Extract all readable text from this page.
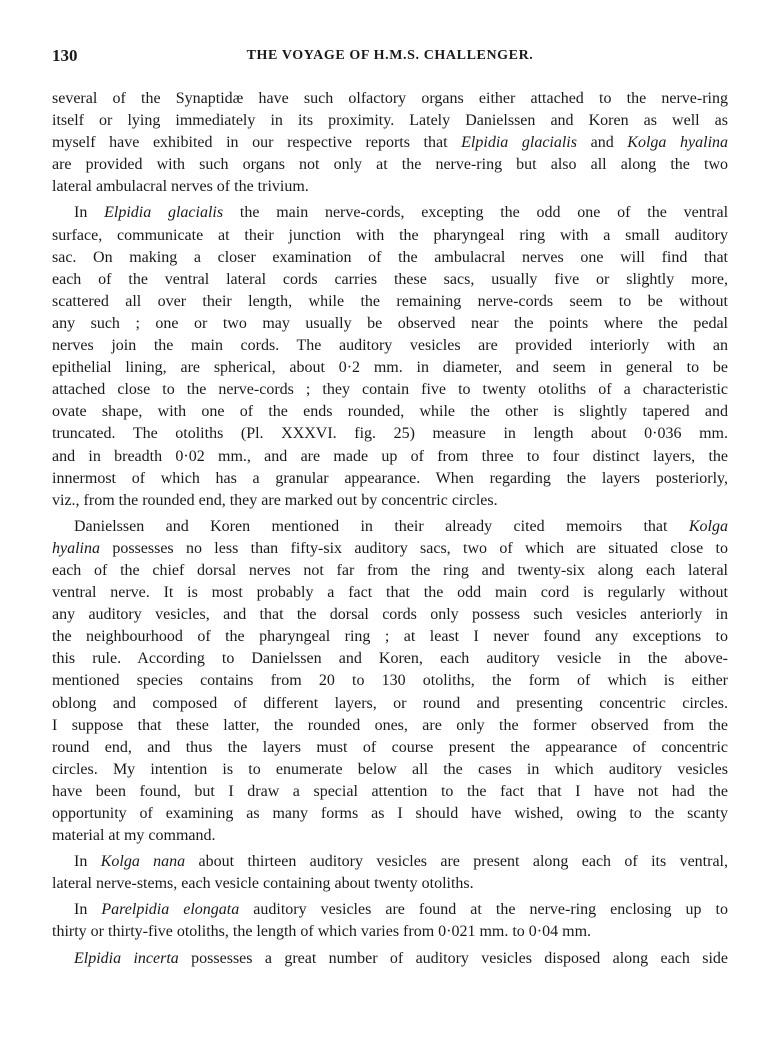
130	THE VOYAGE OF H.M.S. CHALLENGER.
several of the Synaptidæ have such olfactory organs either attached to the nerve-ring
itself or lying immediately in its proximity. Lately Danielssen and Koren as well as
myself have exhibited in our respective reports that Elpidia glacialis and Kolga hyalina
are provided with such organs not only at the nerve-ring but also all along the two
lateral ambulacral nerves of the trivium.
In Elpidia glacialis the main nerve-cords, excepting the odd one of the ventral
surface, communicate at their junction with the pharyngeal ring with a small auditory
sac. On making a closer examination of the ambulacral nerves one will find that
each of the ventral lateral cords carries these sacs, usually five or slightly more,
scattered all over their length, while the remaining nerve-cords seem to be without
any such ; one or two may usually be observed near the points where the pedal
nerves join the main cords. The auditory vesicles are provided interiorly with an
epithelial lining, are spherical, about 0·2 mm. in diameter, and seem in general to be
attached close to the nerve-cords ; they contain five to twenty otoliths of a characteristic
ovate shape, with one of the ends rounded, while the other is slightly tapered and
truncated. The otoliths (Pl. XXXVI. fig. 25) measure in length about 0·036 mm.
and in breadth 0·02 mm., and are made up of from three to four distinct layers, the
innermost of which has a granular appearance. When regarding the layers posteriorly,
viz., from the rounded end, they are marked out by concentric circles.
Danielssen and Koren mentioned in their already cited memoirs that Kolga
hyalina possesses no less than fifty-six auditory sacs, two of which are situated close to
each of the chief dorsal nerves not far from the ring and twenty-six along each lateral
ventral nerve. It is most probably a fact that the odd main cord is regularly without
any auditory vesicles, and that the dorsal cords only possess such vesicles anteriorly in
the neighbourhood of the pharyngeal ring ; at least I never found any exceptions to
this rule. According to Danielssen and Koren, each auditory vesicle in the above-
mentioned species contains from 20 to 130 otoliths, the form of which is either
oblong and composed of different layers, or round and presenting concentric circles.
I suppose that these latter, the rounded ones, are only the former observed from the
round end, and thus the layers must of course present the appearance of concentric
circles. My intention is to enumerate below all the cases in which auditory vesicles
have been found, but I draw a special attention to the fact that I have not had the
opportunity of examining as many forms as I should have wished, owing to the scanty
material at my command.
In Kolga nana about thirteen auditory vesicles are present along each of its ventral,
lateral nerve-stems, each vesicle containing about twenty otoliths.
In Parelpidia elongata auditory vesicles are found at the nerve-ring enclosing up to
thirty or thirty-five otoliths, the length of which varies from 0·021 mm. to 0·04 mm.
Elpidia incerta possesses a great number of auditory vesicles disposed along each side
